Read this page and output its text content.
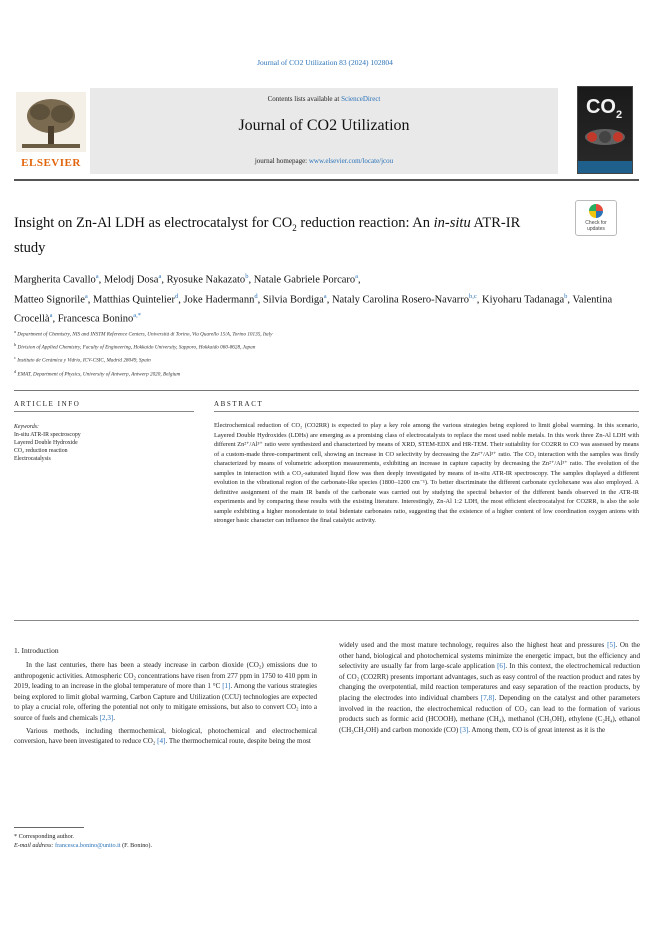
Journal of CO2 Utilization 83 (2024) 102804
ELSEVIER
Contents lists available at ScienceDirect
Journal of CO2 Utilization
journal homepage: www.elsevier.com/locate/jcou
$CO_2$
Insight on Zn-Al LDH as electrocatalyst for $CO_2$ reduction reaction: An in-situ ATR-IR study
Check for
updates
Margherita Cavallo$^a$, Melodj Dosa$^a$, Ryosuke Nakazato$^b$, Natale Gabriele Porcaro$^a$,
Matteo Signorile$^a$, Matthias Quintelier$^d$, Joke Hadermann$^d$, Silvia Bordiga$^a$, Nataly Carolina Rosero-Navarro$^{b,c}$, Kiyoharu Tadanaga$^b$, Valentina Crocellà$^a$, Francesca Bonino$^{a,*}$
$^a$ Department of Chemistry, NIS and INSTM Reference Centers, Università di Torino, Via Quarello 15/A, Torino 10135, Italy
$^b$ Division of Applied Chemistry, Faculty of Engineering, Hokkaido University, Sapporo, Hokkaido 060-8628, Japan
$^c$ Instituto de Cerámica y Vidrio, ICV-CSIC, Madrid 28049, Spain
$^d$ EMAT, Department of Physics, University of Antwerp, Antwerp 2020, Belgium
ARTICLE INFO
Keywords:
In-situ ATR-IR spectroscopy
Layered Double Hydroxide
CO₂ reduction reaction
Electrocatalysis
ABSTRACT
Electrochemical reduction of CO₂ (CO2RR) is expected to play a key role among the various strategies being explored to limit global warming. In this scenario, Layered Double Hydroxides (LDHs) are emerging as a promising class of electrocatalysts to replace the most used noble metals. In this work three Zn-Al LDH with different Zn²⁺/Al³⁺ ratio were synthesized and characterized by means of XRD, STEM-EDX and HR-TEM. Their suitability for CO2RR to CO was assessed by means of a custom-made three-compartment cell, showing an increase in CO selectivity by decreasing the Zn²⁺/Al³⁺ ratio. The CO₂ interaction with the samples was firstly characterized by means of volumetric adsorption measurements, exhibiting an increase in capture capacity by decreasing the Zn²⁺/Al³⁺ ratio. The evolution of the samples in interaction with a CO₂-saturated liquid flow was then deeply investigated by means of in-situ ATR-IR spectroscopy. The samples displayed a different evolution in the vibrational region of the carbonate-like species (1800–1200 cm⁻¹). To better discriminate the different carbonate cyclohexane was also employed. A definitive assignment of the main IR bands of the carbonate was carried out by studying the spectral behavior of the different bands observed in the ATR-IR experiments and by comparing these results with the existing literature. Interestingly, Zn-Al 1:2 LDH, the most efficient electrocatalyst for CO2RR, is also the sole sample exhibiting a higher monodentate to total bidentate carbonates ratio, suggesting that the existence of a higher content of low coordination oxygen anions with stronger basic character can influence the final catalytic activity.
1. Introduction

In the last centuries, there has been a steady increase in carbon dioxide (CO₂) emissions due to anthropogenic activities. Atmospheric CO₂ concentrations have risen from 277 ppm in 1750 to 410 ppm in 2019, leading to an increase in the global temperature of more than 1 °C [1]. Among the various strategies being explored to limit global warming, Carbon Capture and Utilization (CCU) technologies are expected to play a crucial role, offering the potential not only to mitigate emissions, but also to convert CO₂ into a source of fuels and chemicals [2,3].

Various methods, including thermochemical, biological, photochemical and electrochemical conversion, have been investigated to reduce CO₂ [4]. The thermochemical route, despite being the most

widely used and the most mature technology, requires also the highest heat and pressures [5]. On the other hand, biological and photochemical systems minimize the energetic impact, but the efficiency and selectivity are usually far from large-scale application [6]. In this context, the electrochemical reduction of CO₂ (CO2RR) presents important advantages, such as easy control of the reaction product and rates by changing the overpotential, mild reaction temperatures and easy separation of the reaction products, by placing the electrodes into individual chambers [7,8]. Depending on the catalyst and other parameters involved in the reaction, the electrochemical reduction of CO₂ can lead to the formation of various products such as formic acid (HCOOH), methane (CH₄), methanol (CH₃OH), ethylene (C₂H₄), ethanol (CH₃CH₂OH) and carbon monoxide (CO) [3]. Among them, CO is of great interest as it is the

* Corresponding author.
E-mail address: francesca.bonino@unito.it (F. Bonino).
